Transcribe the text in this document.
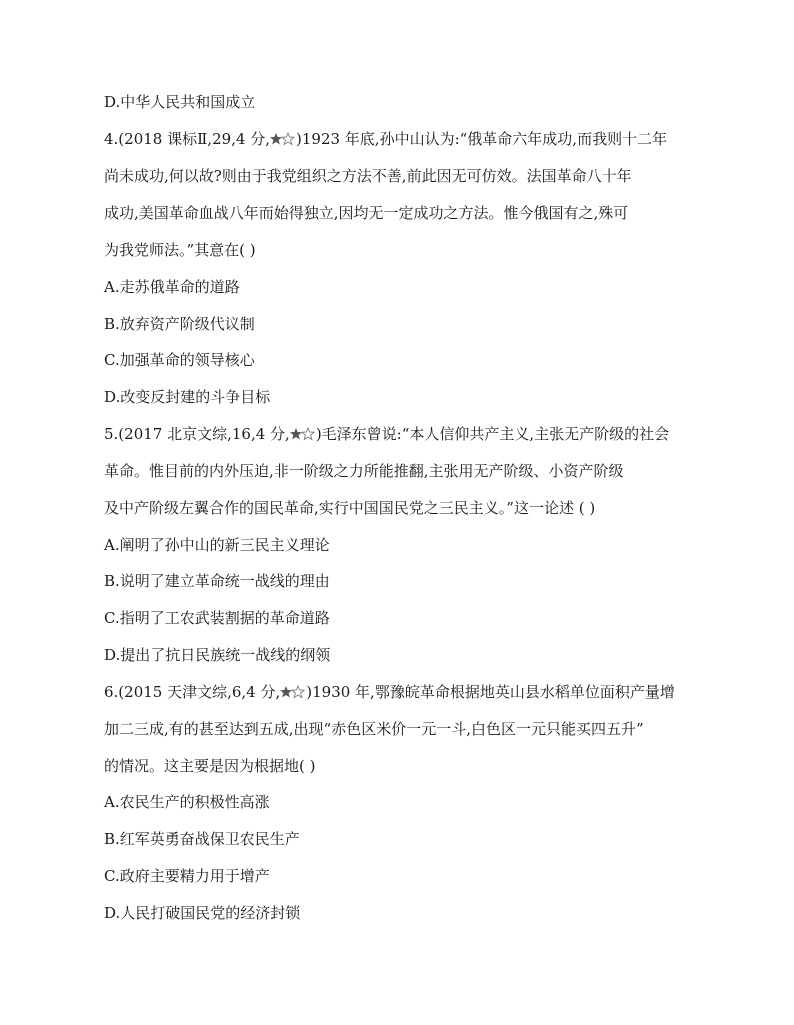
D.中华人民共和国成立
4.(2018 课标Ⅱ,29,4 分, )1923 年底,孙中山认为:“俄革命六年成功,而我则十二年
尚未成功,何以故?则由于我党组织之方法不善,前此因无可仿效。法国革命八十年
成功,美国革命血战八年而始得独立,因均无一定成功之方法。惟今俄国有之,殊可
为我党师法。”其意在( )
A.走苏俄革命的道路
B.放弃资产阶级代议制
C.加强革命的领导核心
D.改变反封建的斗争目标
5.(2017 北京文综,16,4 分, )毛泽东曾说:“本人信仰共产主义,主张无产阶级的社会
革命。惟目前的内外压迫,非一阶级之力所能推翻,主张用无产阶级、小资产阶级
及中产阶级左翼合作的国民革命,实行中国国民党之三民主义。”这一论述 ( )
A.阐明了孙中山的新三民主义理论
B.说明了建立革命统一战线的理由
C.指明了工农武装割据的革命道路
D.提出了抗日民族统一战线的纲领
6.(2015 天津文综,6,4 分, )1930 年,鄂豫皖革命根据地英山县水稻单位面积产量增
加二三成,有的甚至达到五成,出现“赤色区米价一元一斗,白色区一元只能买四五升”
的情况。这主要是因为根据地( )
A.农民生产的积极性高涨
B.红军英勇奋战保卫农民生产
C.政府主要精力用于增产
D.人民打破国民党的经济封锁
